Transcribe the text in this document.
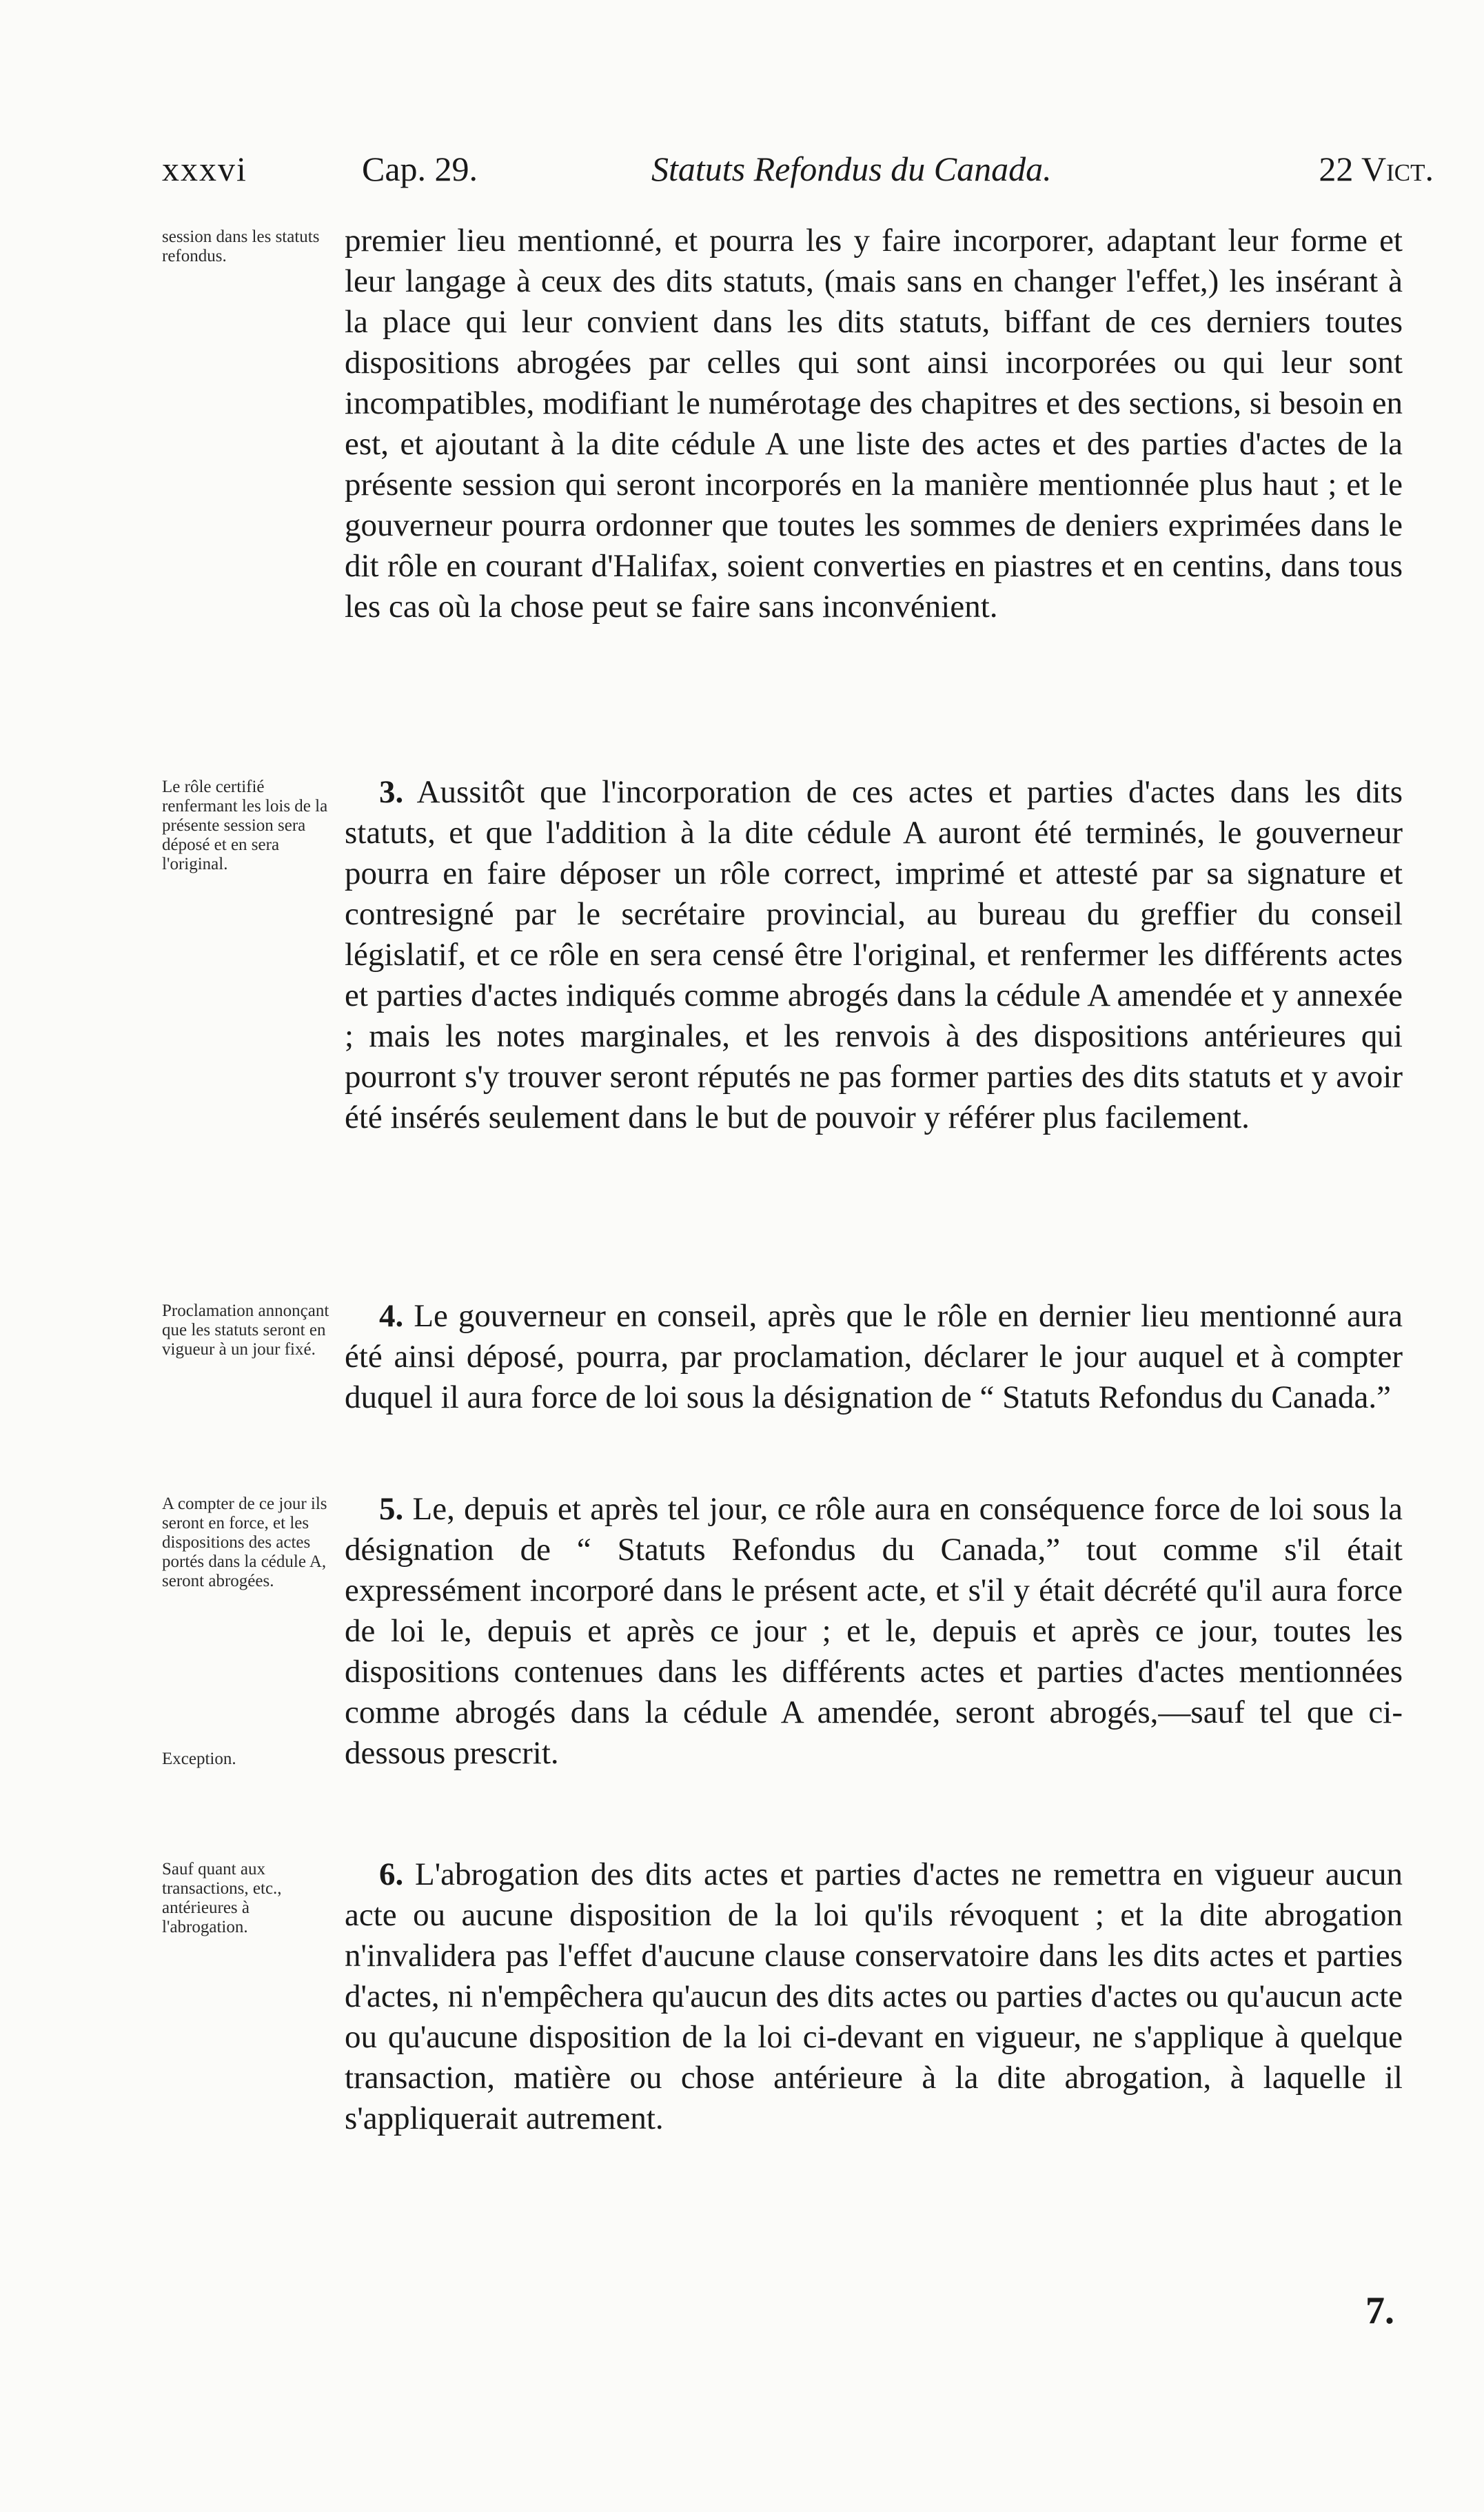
xxxvi	Cap. 29.	Statuts Refondus du Canada.	22 Vict.
session dans les statuts refondus.	premier lieu mentionné, et pourra les y faire incorporer, adaptant leur forme et leur langage à ceux des dits statuts, (mais sans en changer l'effet,) les insérant à la place qui leur convient dans les dits statuts, biffant de ces derniers toutes dispositions abrogées par celles qui sont ainsi incorporées ou qui leur sont incompatibles, modifiant le numérotage des chapitres et des sections, si besoin en est, et ajoutant à la dite cédule A une liste des actes et des parties d'actes de la présente session qui seront incorporés en la manière mentionnée plus haut ; et le gouverneur pourra ordonner que toutes les sommes de deniers exprimées dans le dit rôle en courant d'Halifax, soient converties en piastres et en centins, dans tous les cas où la chose peut se faire sans inconvénient.

Le rôle certifié renfermant les lois de la présente session sera déposé et en sera l'original.

3. Aussitôt que l'incorporation de ces actes et parties d'actes dans les dits statuts, et que l'addition à la dite cédule A auront été terminés, le gouverneur pourra en faire déposer un rôle correct, imprimé et attesté par sa signature et contresigné par le secrétaire provincial, au bureau du greffier du conseil législatif, et ce rôle en sera censé être l'original, et renfermer les différents actes et parties d'actes indiqués comme abrogés dans la cédule A amendée et y annexée ; mais les notes marginales, et les renvois à des dispositions antérieures qui pourront s'y trouver seront réputés ne pas former parties des dits statuts et y avoir été insérés seulement dans le but de pouvoir y référer plus facilement.

Proclamation annonçant que les statuts seront en vigueur à un jour fixé.

4. Le gouverneur en conseil, après que le rôle en dernier lieu mentionné aura été ainsi déposé, pourra, par proclamation, déclarer le jour auquel et à compter duquel il aura force de loi sous la désignation de “ Statuts Refondus du Canada.”

A compter de ce jour ils seront en force, et les dispositions des actes portés dans la cédule A, seront abrogées.
Exception.

5. Le, depuis et après tel jour, ce rôle aura en conséquence force de loi sous la désignation de “ Statuts Refondus du Canada,” tout comme s'il était expressément incorporé dans le présent acte, et s'il y était décrété qu'il aura force de loi le, depuis et après ce jour ; et le, depuis et après ce jour, toutes les dispositions contenues dans les différents actes et parties d'actes mentionnées comme abrogés dans la cédule A amendée, seront abrogés,—sauf tel que ci-dessous prescrit.

Sauf quant aux transactions, etc., antérieures à l'abrogation.

6. L'abrogation des dits actes et parties d'actes ne remettra en vigueur aucun acte ou aucune disposition de la loi qu'ils révoquent ; et la dite abrogation n'invalidera pas l'effet d'aucune clause conservatoire dans les dits actes et parties d'actes, ni n'empêchera qu'aucun des dits actes ou parties d'actes ou qu'aucun acte ou qu'aucune disposition de la loi ci-devant en vigueur, ne s'applique à quelque transaction, matière ou chose antérieure à la dite abrogation, à laquelle il s'appliquerait autrement.

7.
